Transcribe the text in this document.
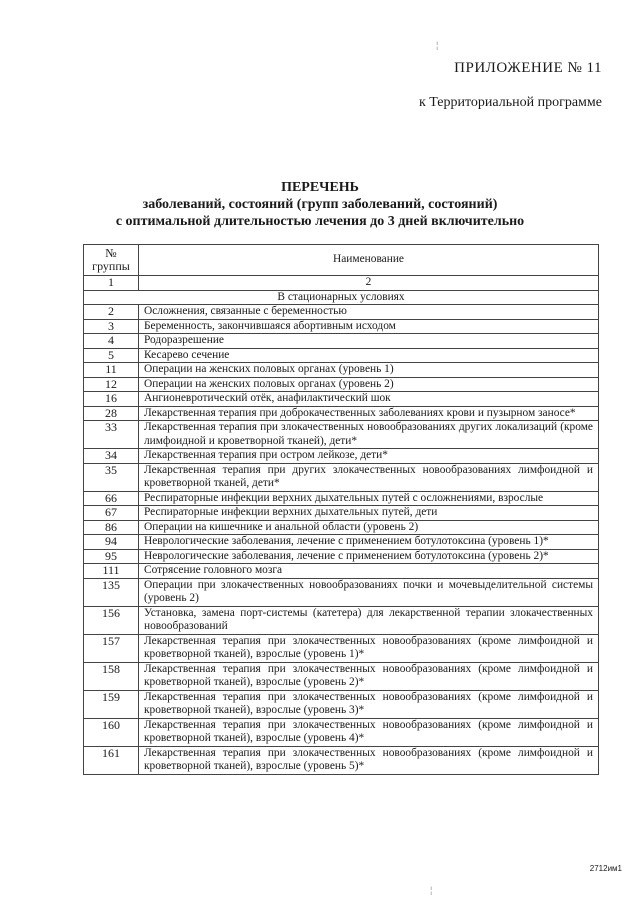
¦
ПРИЛОЖЕНИЕ № 11
к Территориальной программе
ПЕРЕЧЕНЬ
заболеваний, состояний (групп заболеваний, состояний)
с оптимальной длительностью лечения до 3 дней включительно
№ группы	Наименование
1	2
В стационарных условиях	
2	Осложнения, связанные с беременностью
3	Беременность, закончившаяся абортивным исходом
4	Родоразрешение
5	Кесарево сечение
11	Операции на женских половых органах (уровень 1)
12	Операции на женских половых органах (уровень 2)
16	Ангионевротический отёк, анафилактический шок
28	Лекарственная терапия при доброкачественных заболеваниях крови и пузырном заносе*
33	Лекарственная терапия при злокачественных новообразованиях других локализаций (кроме лимфоидной и кроветворной тканей), дети*
34	Лекарственная терапия при остром лейкозе, дети*
35	Лекарственная терапия при других злокачественных новообразованиях лимфоидной и кроветворной тканей, дети*
66	Респираторные инфекции верхних дыхательных путей с осложнениями, взрослые
67	Респираторные инфекции верхних дыхательных путей, дети
86	Операции на кишечнике и анальной области (уровень 2)
94	Неврологические заболевания, лечение с применением ботулотоксина (уровень 1)*
95	Неврологические заболевания, лечение с применением ботулотоксина (уровень 2)*
111	Сотрясение головного мозга
135	Операции при злокачественных новообразованиях почки и мочевыделительной системы (уровень 2)
156	Установка, замена порт-системы (катетера) для лекарственной терапии злокачественных новообразований
157	Лекарственная терапия при злокачественных новообразованиях (кроме лимфоидной и кроветворной тканей), взрослые (уровень 1)*
158	Лекарственная терапия при злокачественных новообразованиях (кроме лимфоидной и кроветворной тканей), взрослые (уровень 2)*
159	Лекарственная терапия при злокачественных новообразованиях (кроме лимфоидной и кроветворной тканей), взрослые (уровень 3)*
160	Лекарственная терапия при злокачественных новообразованиях (кроме лимфоидной и кроветворной тканей), взрослые (уровень 4)*
161	Лекарственная терапия при злокачественных новообразованиях (кроме лимфоидной и кроветворной тканей), взрослые (уровень 5)*
2712им1
¦
